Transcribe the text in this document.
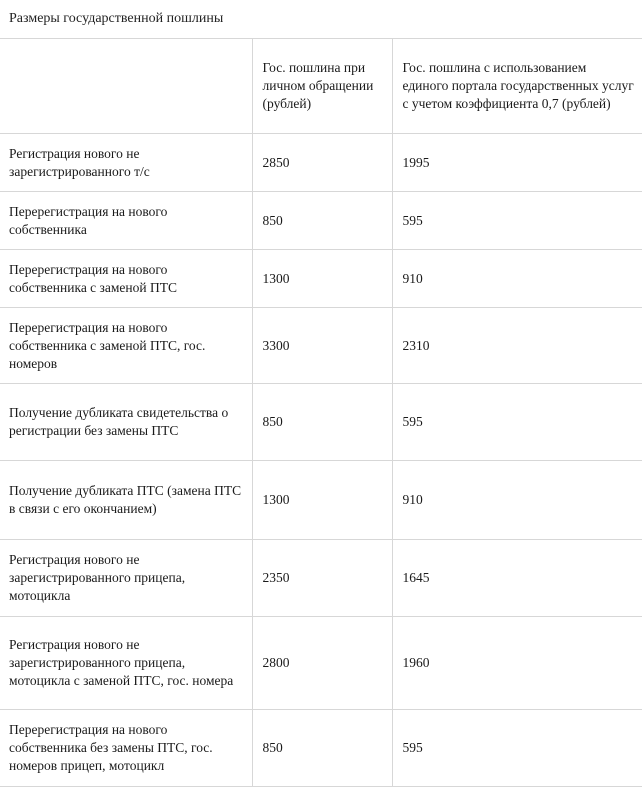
Размеры государственной пошлины
	Гос. пошлина при личном обращении (рублей)	Гос. пошлина с использованием единого портала государственных услуг с учетом коэффициента 0,7 (рублей)
Регистрация нового не зарегистрированного т/с	2850	1995
Перерегистрация на нового собственника	850	595
Перерегистрация на нового собственника с заменой ПТС	1300	910
Перерегистрация на нового собственника с заменой ПТС, гос. номеров	3300	2310
Получение дубликата свидетельства о регистрации без замены ПТС	850	595
Получение дубликата ПТС (замена ПТС в связи с его окончанием)	1300	910
Регистрация нового не зарегистрированного прицепа, мотоцикла	2350	1645
Регистрация нового не зарегистрированного прицепа, мотоцикла с заменой ПТС, гос. номера	2800	1960
Перерегистрация на нового собственника без замены ПТС, гос. номеров прицеп, мотоцикл	850	595
